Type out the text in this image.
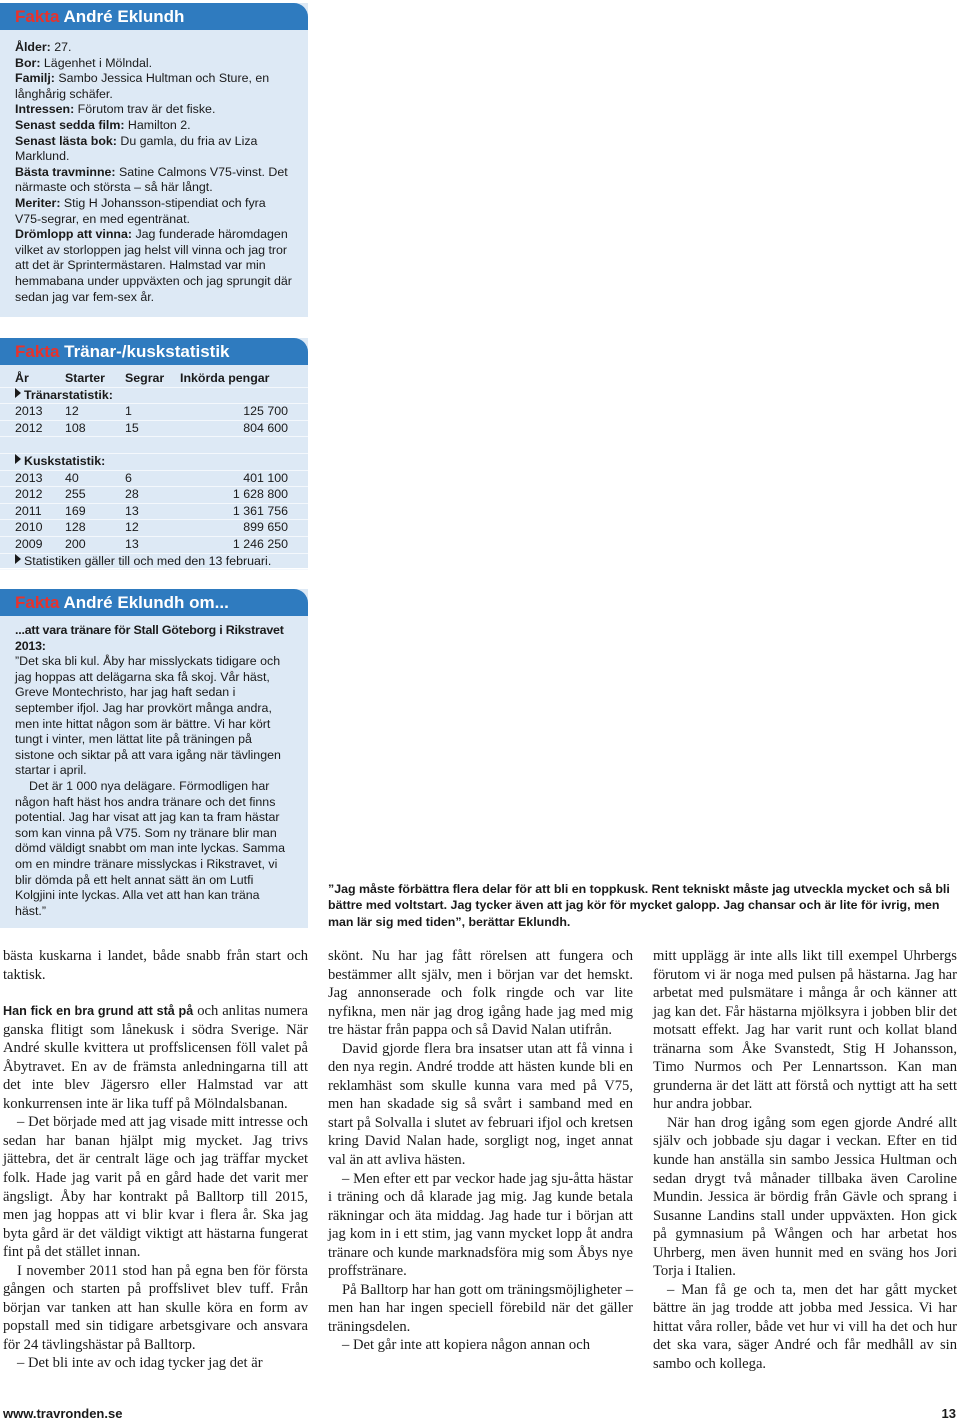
Fakta André Eklundh

Ålder: 27.

Bor: Lägenhet i Mölndal.

Familj: Sambo Jessica Hultman och Sture, en långhårig schäfer.

Intressen: Förutom trav är det fiske.

Senast sedda film: Hamilton 2.

Senast lästa bok: Du gamla, du fria av Liza Marklund.

Bästa travminne: Satine Calmons V75-vinst. Det närmaste och största – så här långt.

Meriter: Stig H Johansson-stipendiat och fyra V75-segrar, en med egentränat.

Drömlopp att vinna: Jag funderade häromdagen vilket av storloppen jag helst vill vinna och jag tror att det är Sprintermästaren. Halmstad var min hemmabana under uppväxten och jag sprungit där sedan jag var fem-sex år.

Fakta Tränar-/kuskstatistik
År	Starter	Segrar	Inkörda pengar
Tränarstatistik:
2013	12	1	125 700
2012	108	15	804 600
Kuskstatistik:
2013	40	6	401 100
2012	255	28	1 628 800
2011	169	13	1 361 756
2010	128	12	899 650
2009	200	13	1 246 250
Statistiken gäller till och med den 13 februari.
Fakta André Eklundh om...

...att vara tränare för Stall Göteborg i Rikstravet 2013:

”Det ska bli kul. Åby har misslyckats tidigare och jag hoppas att delägarna ska få skoj. Vår häst, Greve Montechristo, har jag haft sedan i september ifjol. Jag har provkört många andra, men inte hittat någon som är bättre. Vi har kört tungt i vinter, men lättat lite på träningen på sistone och siktar på att vara igång när tävlingen startar i april.

Det är 1 000 nya delägare. Förmodligen har någon haft häst hos andra tränare och det finns potential. Jag har visat att jag kan ta fram hästar som kan vinna på V75. Som ny tränare blir man dömd väldigt snabbt om man inte lyckas. Samma om en mindre tränare misslyckas i Rikstravet, vi blir dömda på ett helt annat sätt än om Lutfi Kolgjini inte lyckas. Alla vet att han kan träna häst.”

”Jag måste förbättra flera delar för att bli en toppkusk. Rent tekniskt måste jag utveckla mycket och så bli bättre med voltstart. Jag tycker även att jag kör för mycket galopp. Jag chansar och är lite för ivrig, men man lär sig med tiden”, berättar Eklundh.

bästa kuskarna i landet, både snabb från start och taktisk.

Han fick en bra grund att stå på och anlitas numera ganska flitigt som lånekusk i södra Sverige. När André skulle kvittera ut proffslicensen föll valet på Åbytravet. En av de främsta anledningarna till att det inte blev Jägersro eller Halmstad var att konkurrensen inte är lika tuff på Mölndalsbanan.

– Det började med att jag visade mitt intresse och sedan har banan hjälpt mig mycket. Jag trivs jättebra, det är centralt läge och jag träffar mycket folk. Hade jag varit på en gård hade det varit mer ängsligt. Åby har kontrakt på Balltorp till 2015, men jag hoppas att vi blir kvar i flera år. Ska jag byta gård är det väldigt viktigt att hästarna fungerat fint på det stället innan.

I november 2011 stod han på egna ben för första gången och starten på proffslivet blev tuff. Från början var tanken att han skulle köra en form av popstall med sin tidigare arbetsgivare och ansvara för 24 tävlingshästar på Balltorp.

– Det bli inte av och idag tycker jag det är

skönt. Nu har jag fått rörelsen att fungera och bestämmer allt själv, men i början var det hemskt. Jag annonserade och folk ringde och var lite nyfikna, men när jag drog igång hade jag med mig tre hästar från pappa och så David Nalan utifrån.

David gjorde flera bra insatser utan att få vinna i den nya regin. André trodde att hästen kunde bli en reklamhäst som skulle kunna vara med på V75, men han skadade sig så svårt i samband med en start på Solvalla i slutet av februari ifjol och kretsen kring David Nalan hade, sorgligt nog, inget annat val än att avliva hästen.

– Men efter ett par veckor hade jag sju-åtta hästar i träning och då klarade jag mig. Jag kunde betala räkningar och äta middag. Jag hade tur i början att jag kom in i ett stim, jag vann mycket lopp åt andra tränare och kunde marknadsföra mig som Åbys nye proffstränare.

På Balltorp har han gott om träningsmöjligheter – men han har ingen speciell förebild när det gäller träningsdelen.

– Det går inte att kopiera någon annan och

mitt upplägg är inte alls likt till exempel Uhrbergs förutom vi är noga med pulsen på hästarna. Jag har arbetat med pulsmätare i många år och känner att jag kan det. Får hästarna mjölksyra i jobben blir det motsatt effekt. Jag har varit runt och kollat bland tränarna som Åke Svanstedt, Stig H Johansson, Timo Nurmos och Per Lennartsson. Kan man grunderna är det lätt att förstå och nyttigt att ha sett hur andra jobbar.

När han drog igång som egen gjorde André allt själv och jobbade sju dagar i veckan. Efter en tid kunde han anställa sin sambo Jessica Hultman och sedan drygt två månader tillbaka även Caroline Mundin. Jessica är bördig från Gävle och sprang i Susanne Landins stall under uppväxten. Hon gick på gymnasium på Wången och har arbetat hos Uhrberg, men även hunnit med en sväng hos Jori Torja i Italien.

– Man få ge och ta, men det har gått mycket bättre än jag trodde att jobba med Jessica. Vi har hittat våra roller, både vet hur vi vill ha det och hur det ska vara, säger André och får medhåll av sin sambo och kollega.

www.travronden.se	13
